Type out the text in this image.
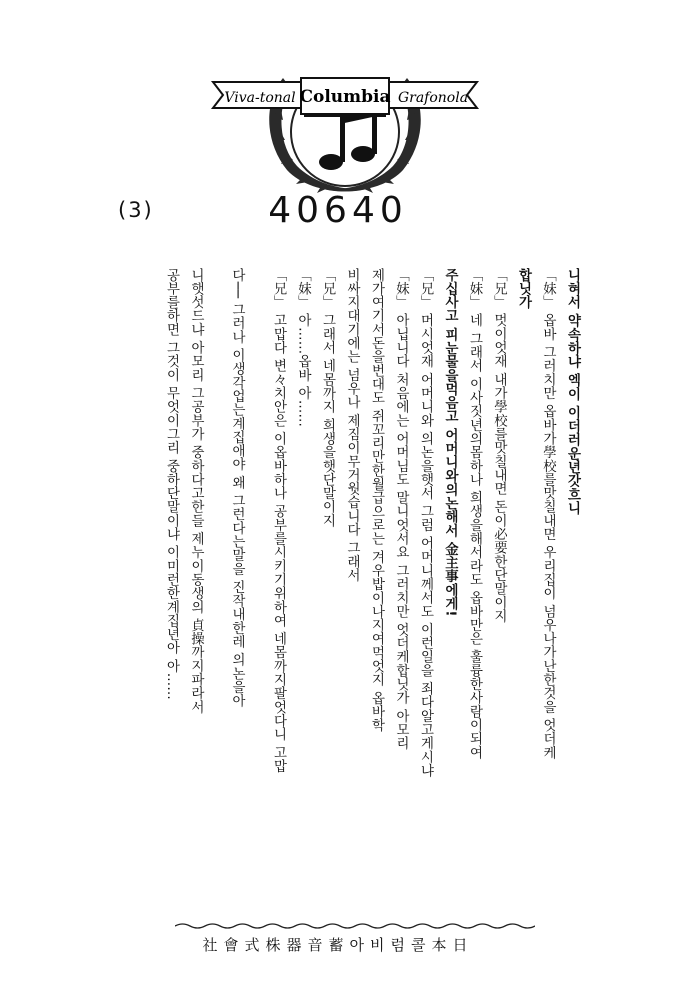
Viva-tonal Columbia Grafonola
(3)	40640
니혀서 약속하냐 엑이 이더러운년갓흐니
「妹」 옵바 그러치만 옵바가學校를맛칠내면 우리집이 넘우나가난한것을 엇더케
합닛가
「兄」 멋이엇재 내가學校를맛칠내면 돈이必要한단말이지
「妹」 네 그래서 이사짓년의몸하나 희생을해서라도 옵바만은 훌륭한사람이되여
주십사고 피눈물을먹음고 어머니와의논해서 金主事에게!
「兄」 머시엇재 어머니와 의논을햇서 그럼 어머니께서도 이런일을 죄다알고게시냐
「妹」 아닙니다 처음에는 어머님도 말니엇서요 그러치만 엇더케합닛가 아모리
제가여기서돈을번대도 쥐꼬리만한월급으로는 겨우밥이나지여먹엇지 옵바학
비싸지대기에는 넘우나 제짐이무거웟습니다 그래서
「兄」 그래서 네몸까지 희생을햇단말이지
「妹」 아……옵바 아……
「兄」 고맙다 변々치안은 이옵바하나 공부를시키기위하여 네몸까지팔엇다니 고맙
다── 그러나 이생각업는계집애야 왜 그런다는말을 진작내한레 의논을아
니햇섯드냐 아모리 그공부가 중하다고한들 제누이동생의 貞操까지파라서
공부를하면 그것이 무엇이그리 중하단말이냐 이미런한계집년아 아……
日本콜럼비아蓄音器株式會社
